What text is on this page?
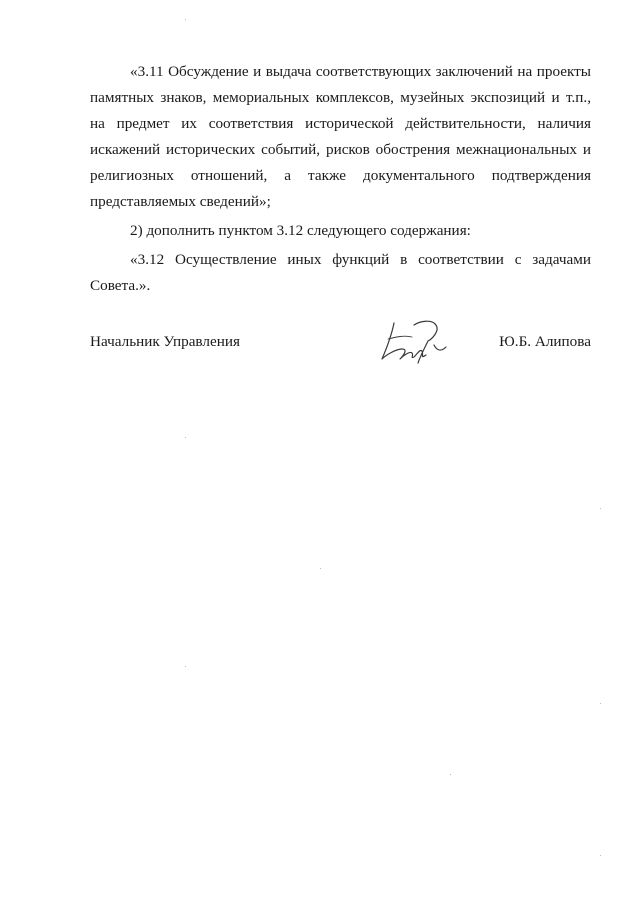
«3.11 Обсуждение и выдача соответствующих заключений на проекты памятных знаков, мемориальных комплексов, музейных экспозиций и т.п., на предмет их соответствия исторической действительности, наличия искажений исторических событий, рисков обострения межнациональных и религиозных отношений, а также документального подтверждения представляемых сведений»;

2) дополнить пунктом 3.12 следующего содержания:

«3.12 Осуществление иных функций в соответствии с задачами Совета.».

Начальник Управления	Ю.Б. Алипова
